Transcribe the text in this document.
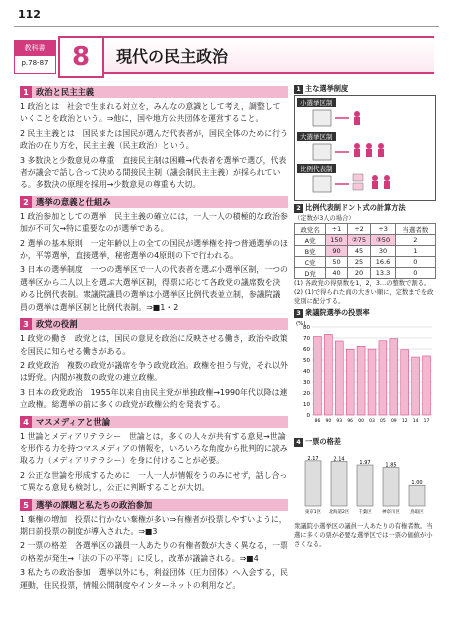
112
教科書
p.78-87 8	現代の民主政治
1 政治と民主主義
1 政治とは　社会で生まれる対立を，みんなの意識として考え，調整していくことを政治という。⇒他に，国や地方公共団体を運営すること。
2 民主主義とは　国民または国民が選んだ代表者が，国民全体のために行う政治の在り方を，民主主義（民主政治）という。
3 多数決と少数意見の尊重　直接民主制は困難→代表者を選挙で選び，代表者が議会で話し合って決める間接民主制（議会制民主主義）が採られている。多数決の原理を採用→少数意見の尊重も大切。
2 選挙の意義と仕組み
1 政治参加としての選挙　民主主義の確立には，一人一人の積極的な政治参加が不可欠→特に重要なのが選挙である。
2 選挙の基本原則　一定年齢以上の全ての国民が選挙権を持つ普通選挙のほか，平等選挙，直接選挙，秘密選挙の4原則の下で行われる。
3 日本の選挙制度　一つの選挙区で一人の代表者を選ぶ小選挙区制，一つの選挙区から二人以上を選ぶ大選挙区制，得票に応じて各政党の議席数を決める比例代表制。衆議院議員の選挙は小選挙区比例代表並立制，参議院議員の選挙は選挙区制と比例代表制。⇒■1・2
3 政党の役割
1 政党の働き　政党とは，国民の意見を政治に反映させる働き，政治や政策を国民に知らせる働きがある。
2 政党政治　複数の政党が議席を争う政党政治。政権を担う与党，それ以外は野党。内閣が複数の政党の連立政権。
3 日本の政党政治　1955年以来自由民主党が単独政権→1990年代以降は連立政権。総選挙の前に多くの政党が政権公約を発表する。
4 マスメディアと世論
1 世論とメディアリテラシー　世論とは，多くの人々が共有する意見→世論を形作る力を持つマスメディアの情報を，いろいろな角度から批判的に読み取る力（メディアリテラシー）を身に付けることが必要。
2 公正な世論を形成するために　一人一人が情報をうのみにせず，話し合って異なる意見も検討し，公正に判断することが大切。
5 選挙の課題と私たちの政治参加
1 棄権の増加　投票に行かない棄権が多い⇒有権者が投票しやすいように，期日前投票の制度が導入された。⇒■3
2 一票の格差　各選挙区の議員一人あたりの有権者数が大きく異なる，一票の格差が発生→「法の下の平等」に反し，改革が議論される。⇒■4
3 私たちの政治参加　選挙以外にも，利益団体（圧力団体）へ入会する，民運動，住民投票，情報公開制度やインターネットの利用など。
1 主な選挙制度
小選挙区制
大選挙区制
比例代表制
2 比例代表制ドント式の計算方法
（定数が3人の場合）
政党名	÷1	÷2	÷3	当選者数
A党	150	②75	③50	2
B党	90	45	30	1
C党	50	25	16.6	0
D党	40	20	13.3	0
(1) 各政党の得票数を1，2，3…の整数で割る。
(2) (1)で得られた商の大きい順に，定数までを政党別に配分する。
3 衆議院選挙の投票率
80
70
60
50
40
30
20
10
0
86 90 93 96 00 03 05 09 12 14 17
(%)
4 一票の格差
2.17
東京1区
2.14
北海道2区
1.97
千葉区
1.85
神奈川区
1.00
鳥取区
衆議院小選挙区の議員一人あたりの有権者数。当選に多くの票が必要な選挙区では一票の価値が小さくなる。
